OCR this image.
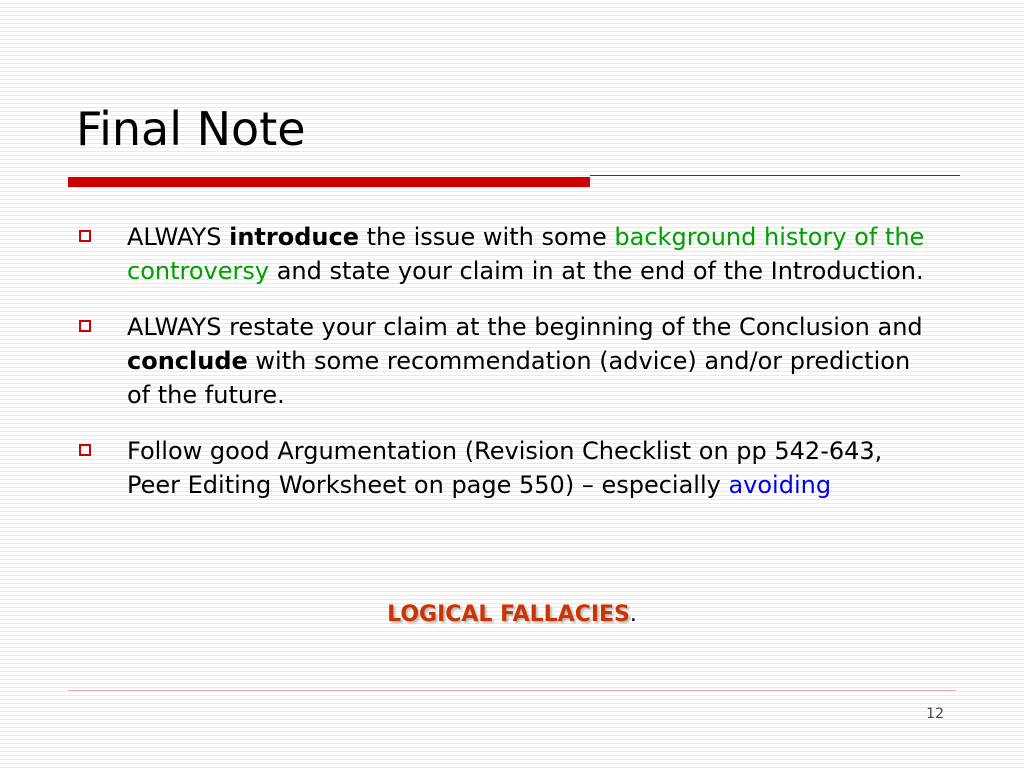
Final Note
ALWAYS introduce the issue with some background history of the controversy and state your claim in at the end of the Introduction.
ALWAYS restate your claim at the beginning of the Conclusion and conclude with some recommendation (advice) and/or prediction of the future.
Follow good Argumentation (Revision Checklist on pp 542-643, Peer Editing Worksheet on page 550) – especially avoiding
LOGICAL FALLACIES.
12
